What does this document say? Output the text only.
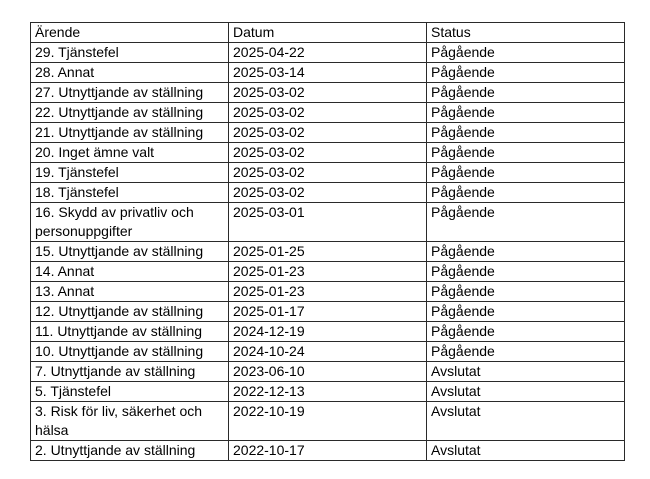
Ärende	Datum	Status
29. Tjänstefel	2025-04-22	Pågående
28. Annat	2025-03-14	Pågående
27. Utnyttjande av ställning	2025-03-02	Pågående
22. Utnyttjande av ställning	2025-03-02	Pågående
21. Utnyttjande av ställning	2025-03-02	Pågående
20. Inget ämne valt	2025-03-02	Pågående
19. Tjänstefel	2025-03-02	Pågående
18. Tjänstefel	2025-03-02	Pågående
16. Skydd av privatliv och personuppgifter	2025-03-01	Pågående
15. Utnyttjande av ställning	2025-01-25	Pågående
14. Annat	2025-01-23	Pågående
13. Annat	2025-01-23	Pågående
12. Utnyttjande av ställning	2025-01-17	Pågående
11. Utnyttjande av ställning	2024-12-19	Pågående
10. Utnyttjande av ställning	2024-10-24	Pågående
7. Utnyttjande av ställning	2023-06-10	Avslutat
5. Tjänstefel	2022-12-13	Avslutat
3. Risk för liv, säkerhet och hälsa	2022-10-19	Avslutat
2. Utnyttjande av ställning	2022-10-17	Avslutat
